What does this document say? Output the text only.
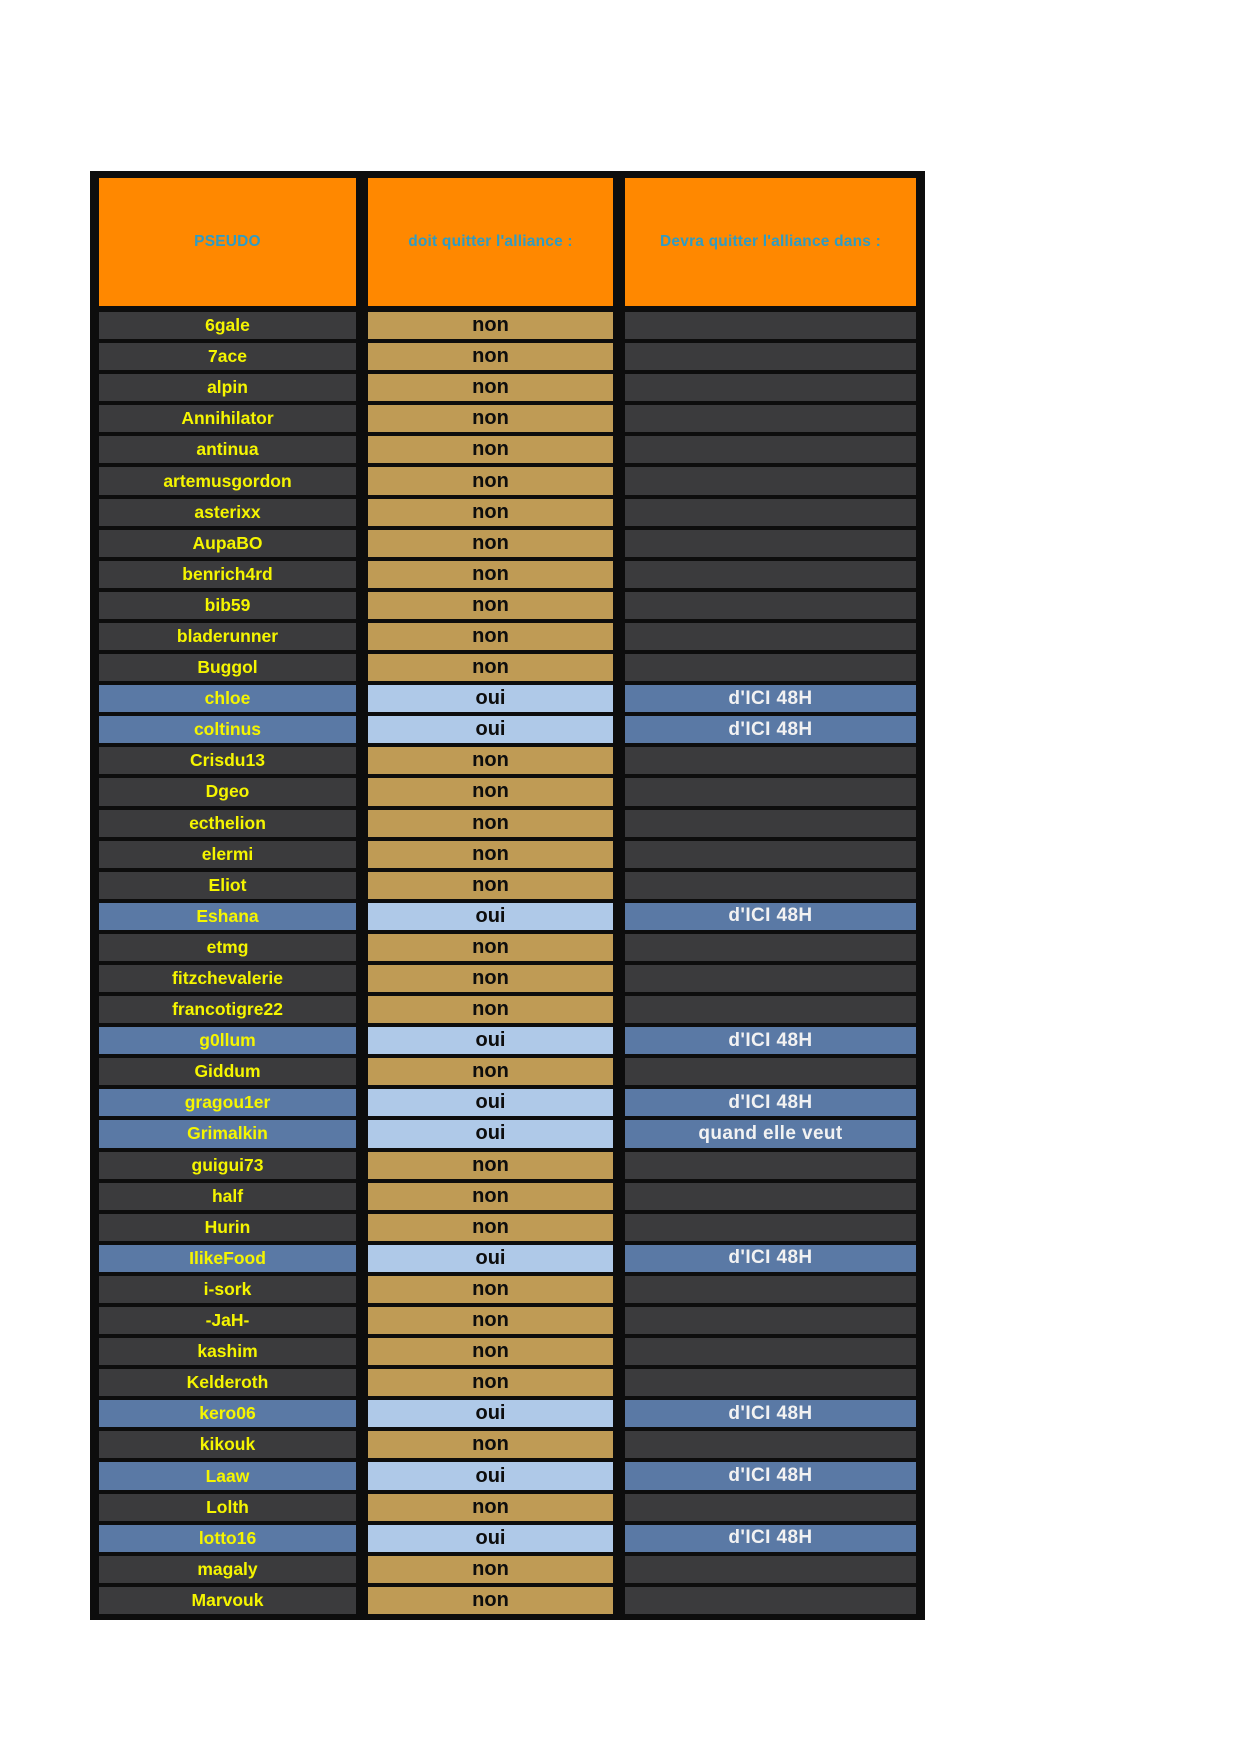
PSEUDO	doit quitter l'alliance :	Devra quitter l'alliance dans :
6gale	non
7ace	non
alpin	non
Annihilator	non
antinua	non
artemusgordon	non
asterixx	non
AupaBO	non
benrich4rd	non
bib59	non
bladerunner	non
Buggol	non
chloe	oui	d'ICI 48H
coltinus	oui	d'ICI 48H
Crisdu13	non
Dgeo	non
ecthelion	non
elermi	non
Eliot	non
Eshana	oui	d'ICI 48H
etmg	non
fitzchevalerie	non
francotigre22	non
g0llum	oui	d'ICI 48H
Giddum	non
gragou1er	oui	d'ICI 48H
Grimalkin	oui	quand elle veut
guigui73	non
half	non
Hurin	non
IlikeFood	oui	d'ICI 48H
i-sork	non
-JaH-	non
kashim	non
Kelderoth	non
kero06	oui	d'ICI 48H
kikouk	non
Laaw	oui	d'ICI 48H
Lolth	non
lotto16	oui	d'ICI 48H
magaly	non
Marvouk	non
